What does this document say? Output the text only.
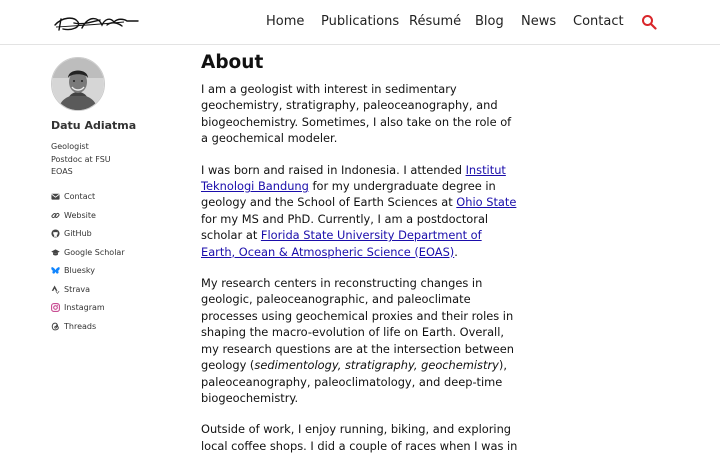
Home Publications Résumé Blog News Contact
Datu Adiatma
Geologist
Postdoc at FSU
EOAS
Contact
Website
GitHub
Google Scholar
Bluesky
Strava
Instagram
Threads
About

I am a geologist with interest in sedimentary geochemistry, stratigraphy, paleoceanography, and biogeochemistry. Sometimes, I also take on the role of a geochemical modeler.

I was born and raised in Indonesia. I attended Institut Teknologi Bandung for my undergraduate degree in geology and the School of Earth Sciences at Ohio State for my MS and PhD. Currently, I am a postdoctoral scholar at Florida State University Department of Earth, Ocean & Atmospheric Science (EOAS).

My research centers in reconstructing changes in geologic, paleoceanographic, and paleoclimate processes using geochemical proxies and their roles in shaping the macro-evolution of life on Earth. Overall, my research questions are at the intersection between geology (sedimentology, stratigraphy, geochemistry), paleoceanography, paleoclimatology, and deep-time biogeochemistry.

Outside of work, I enjoy running, biking, and exploring local coffee shops. I did a couple of races when I was in
